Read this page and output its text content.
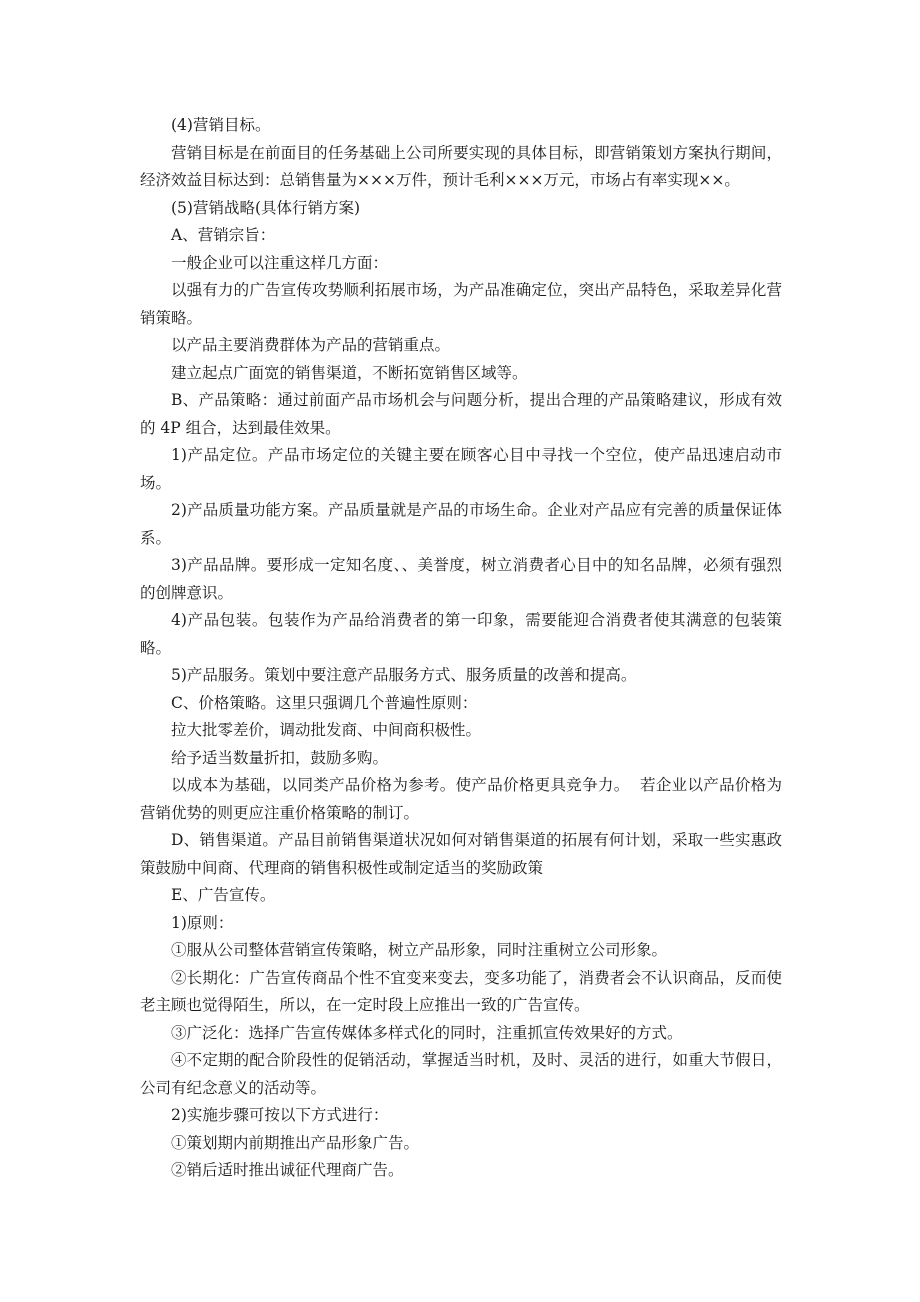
(4)营销目标。

营销目标是在前面目的任务基础上公司所要实现的具体目标，即营销策划方案执行期间，经济效益目标达到：总销售量为×××万件，预计毛利×××万元，市场占有率实现××。

(5)营销战略(具体行销方案)

A、营销宗旨：

一般企业可以注重这样几方面：

以强有力的广告宣传攻势顺利拓展市场，为产品准确定位，突出产品特色，采取差异化营销策略。

以产品主要消费群体为产品的营销重点。

建立起点广面宽的销售渠道，不断拓宽销售区域等。

B、产品策略：通过前面产品市场机会与问题分析，提出合理的产品策略建议，形成有效的 4P 组合，达到最佳效果。

1)产品定位。产品市场定位的关键主要在顾客心目中寻找一个空位，使产品迅速启动市场。

2)产品质量功能方案。产品质量就是产品的市场生命。企业对产品应有完善的质量保证体系。

3)产品品牌。要形成一定知名度、、美誉度，树立消费者心目中的知名品牌，必须有强烈的创牌意识。

4)产品包装。包装作为产品给消费者的第一印象，需要能迎合消费者使其满意的包装策略。

5)产品服务。策划中要注意产品服务方式、服务质量的改善和提高。

C、价格策略。这里只强调几个普遍性原则：

拉大批零差价，调动批发商、中间商积极性。

给予适当数量折扣，鼓励多购。

以成本为基础，以同类产品价格为参考。使产品价格更具竞争力。  若企业以产品价格为营销优势的则更应注重价格策略的制订。

D、销售渠道。产品目前销售渠道状况如何对销售渠道的拓展有何计划，采取一些实惠政策鼓励中间商、代理商的销售积极性或制定适当的奖励政策

E、广告宣传。

1)原则：

①服从公司整体营销宣传策略，树立产品形象，同时注重树立公司形象。

②长期化：广告宣传商品个性不宜变来变去，变多功能了，消费者会不认识商品，反而使老主顾也觉得陌生，所以，在一定时段上应推出一致的广告宣传。

③广泛化：选择广告宣传媒体多样式化的同时，注重抓宣传效果好的方式。

④不定期的配合阶段性的促销活动，掌握适当时机，及时、灵活的进行，如重大节假日，公司有纪念意义的活动等。

2)实施步骤可按以下方式进行：

①策划期内前期推出产品形象广告。

②销后适时推出诚征代理商广告。
